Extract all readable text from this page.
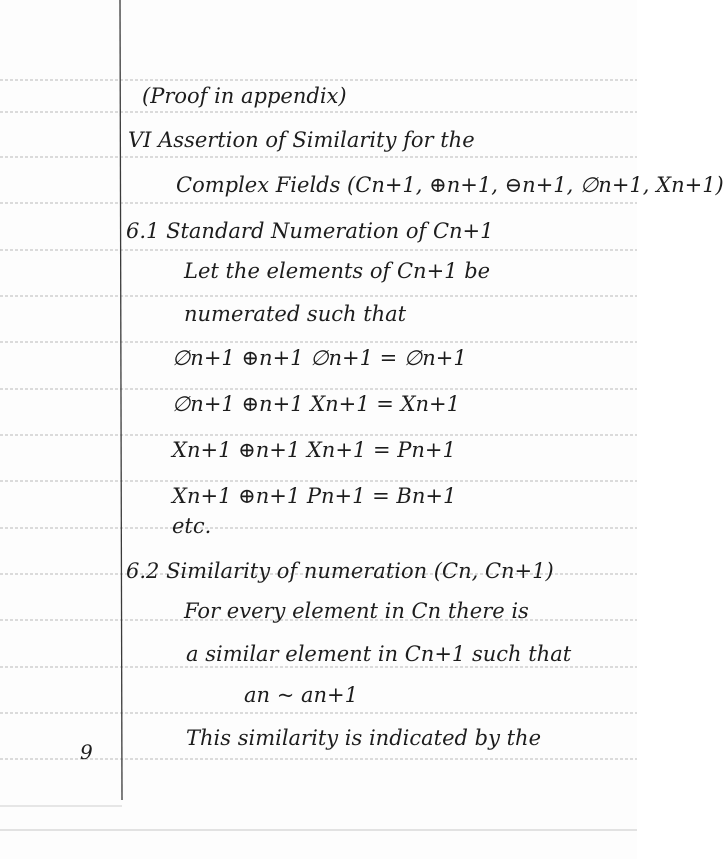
(Proof in appendix)
VI Assertion of Similarity for the
Complex Fields (Cn+1, ⊕n+1, ⊖n+1, ∅n+1, Xn+1)
6.1 Standard Numeration of Cn+1
Let the elements of Cn+1 be
numerated such that
∅n+1 ⊕n+1 ∅n+1 = ∅n+1
∅n+1 ⊕n+1 Xn+1 = Xn+1
Xn+1 ⊕n+1 Xn+1 = Pn+1
Xn+1 ⊕n+1 Pn+1 = Bn+1
etc.
6.2 Similarity of numeration (Cn, Cn+1)
For every element in Cn there is
a similar element in Cn+1 such that
an ~ an+1
This similarity is indicated by the
9
